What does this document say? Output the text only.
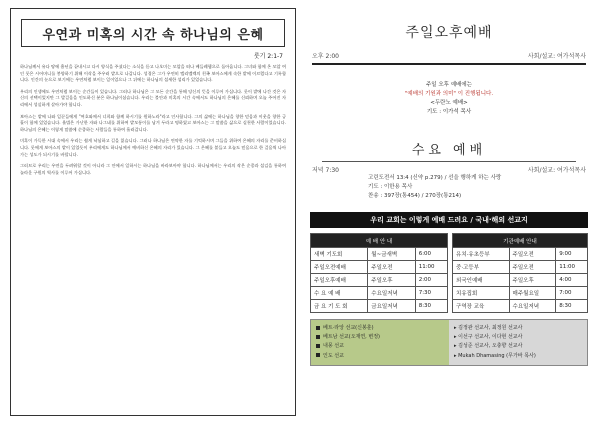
우연과 미혹의 시간 속 하나님의 은혜
룻기 2:1-7

하나님께서 유다 땅에 흉년을 끝내시고 다시 양식을 주셨다는 소식을 듣고 나오미는 모압을 떠나 베들레헴으로 돌아옵니다. 그녀와 함께 온 모압 여인 룻은 시어머니를 봉양하기 위해 이삭을 주우러 밭으로 나갑니다. 성경은 그가 우연히 엘리멜렉의 친족 보아스에게 속한 밭에 이르렀다고 기록합니다. 인간의 눈으로 보기에는 우연처럼 보이는 일이었으나 그 뒤에는 하나님의 섬세한 섭리가 있었습니다.

우리의 인생에도 우연처럼 보이는 순간들이 있습니다. 그러나 하나님은 그 모든 순간을 통해 당신의 뜻을 이루어 가십니다. 룻이 밭에 나간 것은 자신의 선택이었지만 그 발걸음을 인도하신 분은 하나님이셨습니다. 우리는 불안과 미혹의 시간 속에서도 하나님의 은혜를 신뢰하며 오늘 주어진 자리에서 성실하게 살아가야 합니다.

보아스는 밭에 나와 일꾼들에게 "여호와께서 너희와 함께 하시기를 원하노라"라고 인사합니다. 그의 삶에는 하나님을 향한 믿음과 이웃을 향한 긍휼이 함께 있었습니다. 율법은 가난한 자와 나그네를 위하여 밭모퉁이를 남겨 두라고 명하였고 보아스는 그 말씀을 삶으로 실천한 사람이었습니다. 하나님의 은혜는 이렇게 말씀에 순종하는 사람들을 통하여 흘러갑니다.

미혹이 가득한 시대 속에서 우리는 쉽게 낙심하고 길을 잃습니다. 그러나 하나님은 연약한 자를 기억하시며 그들을 위하여 은혜의 자리를 준비하십니다. 룻에게 보아스의 밭이 있었듯이 우리에게도 하나님께서 예비하신 은혜의 자리가 있습니다. 그 은혜를 붙들고 오늘도 믿음으로 한 걸음씩 나아가는 성도가 되시기를 바랍니다.

그러므로 우리는 우연을 두려워할 것이 아니라 그 안에서 일하시는 하나님을 바라보아야 합니다. 하나님께서는 우리의 작은 순종과 섬김을 통하여 놀라운 구원의 역사를 이루어 가십니다.

주일오후예배
오후 2:00	사회/설교: 여가석목사
주일 오후 예배에는
"예배의 기원과 의미" 이 진행됩니다.
<두란노 예배>
기도 : 이가석 목사
수요 예배
저녁 7:30	사회/설교: 여가석목사
고린도전서 13:4 (신약 p.279) / 선을 행하게 하는 사랑
기도 : 이한용 목사
찬송 : 397장(통454) / 270장(통214)
우리 교회는 이렇게 예배 드려요 / 국내·해외 선교지
예 배 안 내		
새벽 기도회	월~금새벽	6:00
주일오전예배	주일오전	11:00
주일오후예배	주일오후	2:00
수 요 예 배	수요일저녁	7:30
금 요 기 도 회	금요일저녁	8:30
기관예배 안내		
유치·유초등부	주일오전	9:00
중·고등부	주일오전	11:00
외국인예배	주일오후	4:00
치유집회	매주월요일	7:00
구역장 교육	수요일저녁	8:30
베트·라앙 선교(신봉훈)
베트남 선교(오재연, 변정)
내몽 선교
인도 선교
▸ 김정관 선교사, 최정원 선교사
▸ 이선구 선교사, 이다현 선교사
▸ 김성준 선교사, 오충향 선교사
▸ Mukah Dhamasing (무가바 목사)
